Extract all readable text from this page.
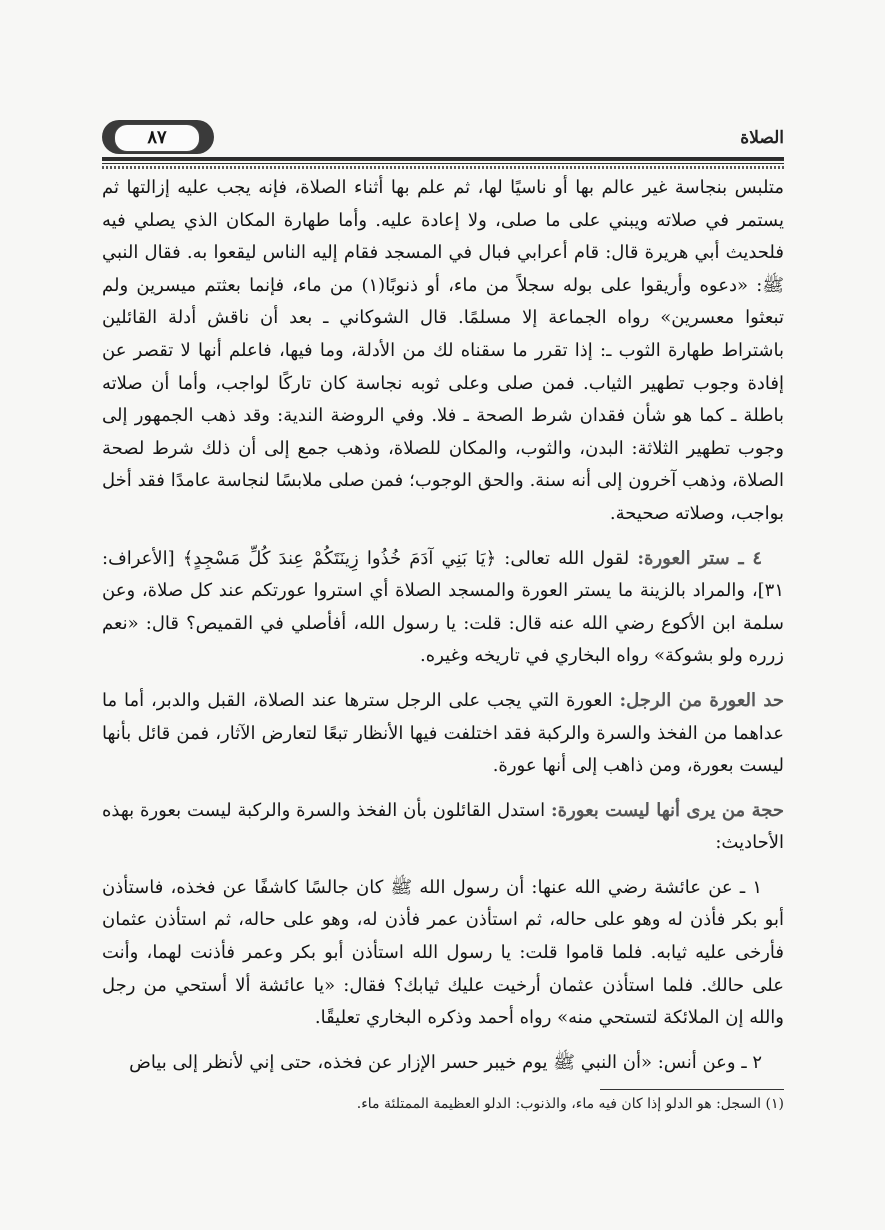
الصلاة
٨٧

متلبس بنجاسة غير عالم بها أو ناسيًا لها، ثم علم بها أثناء الصلاة، فإنه يجب عليه إزالتها ثم يستمر في صلاته ويبني على ما صلى، ولا إعادة عليه. وأما طهارة المكان الذي يصلي فيه فلحديث أبي هريرة قال: قام أعرابي فبال في المسجد فقام إليه الناس ليقعوا به. فقال النبي ﷺ: «دعوه وأريقوا على بوله سجلاً من ماء، أو ذنوبًا(١) من ماء، فإنما بعثتم ميسرين ولم تبعثوا معسرين» رواه الجماعة إلا مسلمًا. قال الشوكاني ـ بعد أن ناقش أدلة القائلين باشتراط طهارة الثوب ـ: إذا تقرر ما سقناه لك من الأدلة، وما فيها، فاعلم أنها لا تقصر عن إفادة وجوب تطهير الثياب. فمن صلى وعلى ثوبه نجاسة كان تاركًا لواجب، وأما أن صلاته باطلة ـ كما هو شأن فقدان شرط الصحة ـ فلا. وفي الروضة الندية: وقد ذهب الجمهور إلى وجوب تطهير الثلاثة: البدن، والثوب، والمكان للصلاة، وذهب جمع إلى أن ذلك شرط لصحة الصلاة، وذهب آخرون إلى أنه سنة. والحق الوجوب؛ فمن صلى ملابسًا لنجاسة عامدًا فقد أخل بواجب، وصلاته صحيحة.

٤ ـ ستر العورة: لقول الله تعالى: ﴿يَا بَنِي آدَمَ خُذُوا زِينَتَكُمْ عِندَ كُلِّ مَسْجِدٍ﴾ [الأعراف: ٣١]، والمراد بالزينة ما يستر العورة والمسجد الصلاة أي استروا عورتكم عند كل صلاة، وعن سلمة ابن الأكوع رضي الله عنه قال: قلت: يا رسول الله، أفأصلي في القميص؟ قال: «نعم زرره ولو بشوكة» رواه البخاري في تاريخه وغيره.

حد العورة من الرجل: العورة التي يجب على الرجل سترها عند الصلاة، القبل والدبر، أما ما عداهما من الفخذ والسرة والركبة فقد اختلفت فيها الأنظار تبعًا لتعارض الآثار، فمن قائل بأنها ليست بعورة، ومن ذاهب إلى أنها عورة.

حجة من يرى أنها ليست بعورة: استدل القائلون بأن الفخذ والسرة والركبة ليست بعورة بهذه الأحاديث:

١ ـ عن عائشة رضي الله عنها: أن رسول الله ﷺ كان جالسًا كاشفًا عن فخذه، فاستأذن أبو بكر فأذن له وهو على حاله، ثم استأذن عمر فأذن له، وهو على حاله، ثم استأذن عثمان فأرخى عليه ثيابه. فلما قاموا قلت: يا رسول الله استأذن أبو بكر وعمر فأذنت لهما، وأنت على حالك. فلما استأذن عثمان أرخيت عليك ثيابك؟ فقال: «يا عائشة ألا أستحي من رجل والله إن الملائكة لتستحي منه» رواه أحمد وذكره البخاري تعليقًا.

٢ ـ وعن أنس: «أن النبي ﷺ يوم خيبر حسر الإزار عن فخذه، حتى إني لأنظر إلى بياض

(١) السجل: هو الدلو إذا كان فيه ماء، والذنوب: الدلو العظيمة الممتلئة ماء.
